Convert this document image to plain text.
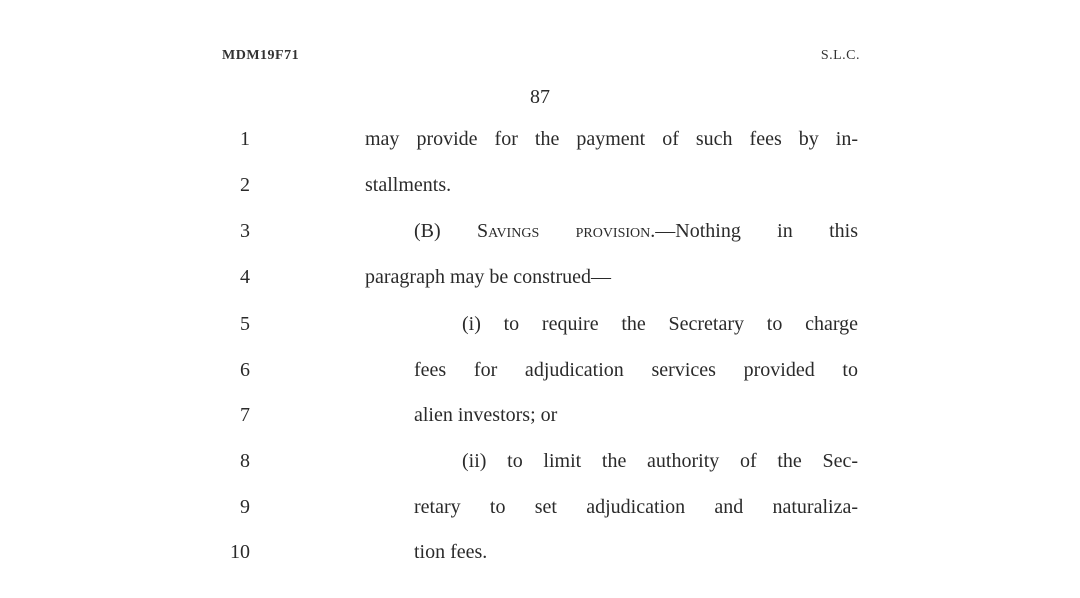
MDM19F71	S.L.C.
87
1	may provide for the payment of such fees by in-
2	stallments.
3	(B) Savings provision.—Nothing in this
4	paragraph may be construed—
5	(i) to require the Secretary to charge
6	fees for adjudication services provided to
7	alien investors; or
8	(ii) to limit the authority of the Sec-
9	retary to set adjudication and naturaliza-
10	tion fees.
